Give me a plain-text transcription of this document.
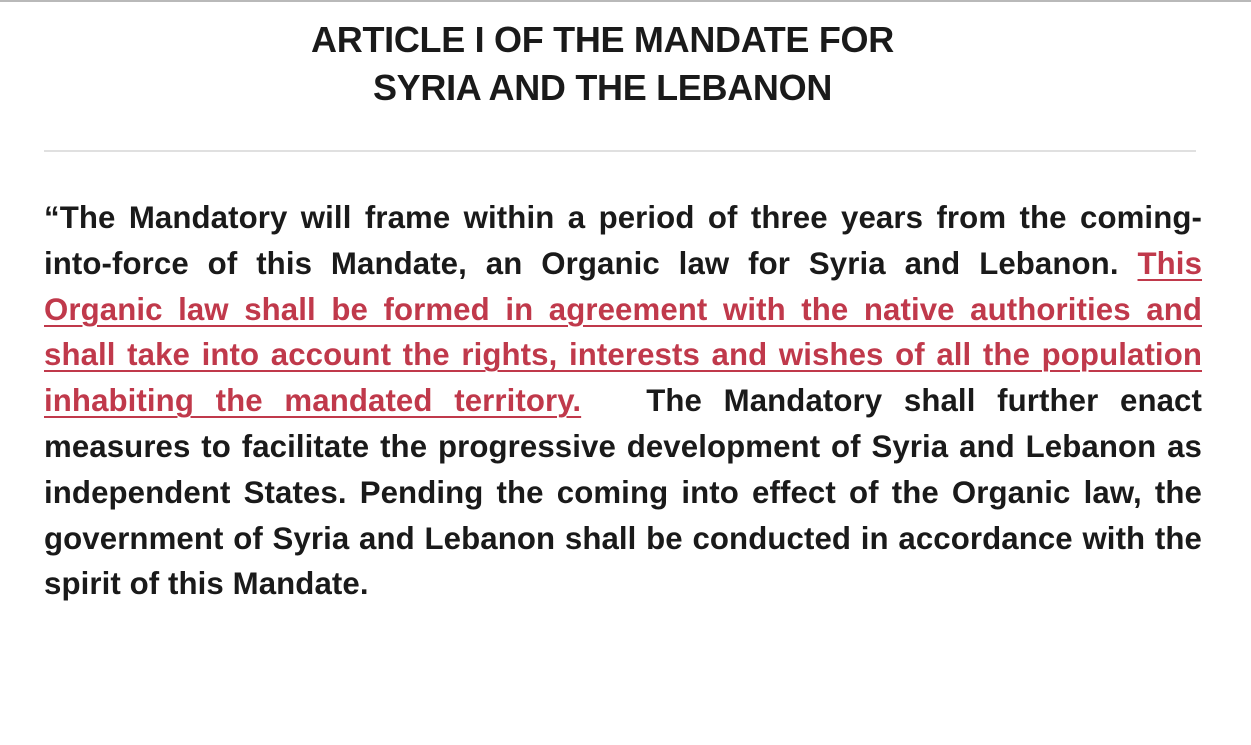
ARTICLE I OF THE MANDATE FOR
SYRIA AND THE LEBANON

“The Mandatory will frame within a period of three years from the coming-into-force of this Mandate, an Organic law for Syria and Lebanon. This Organic law shall be formed in agreement with the native authorities and shall take into account the rights, interests and wishes of all the population inhabiting the mandated territory. The Mandatory shall further enact measures to facilitate the progressive development of Syria and Lebanon as independent States. Pending the coming into effect of the Organic law, the government of Syria and Lebanon shall be conducted in accordance with the spirit of this Mandate.
